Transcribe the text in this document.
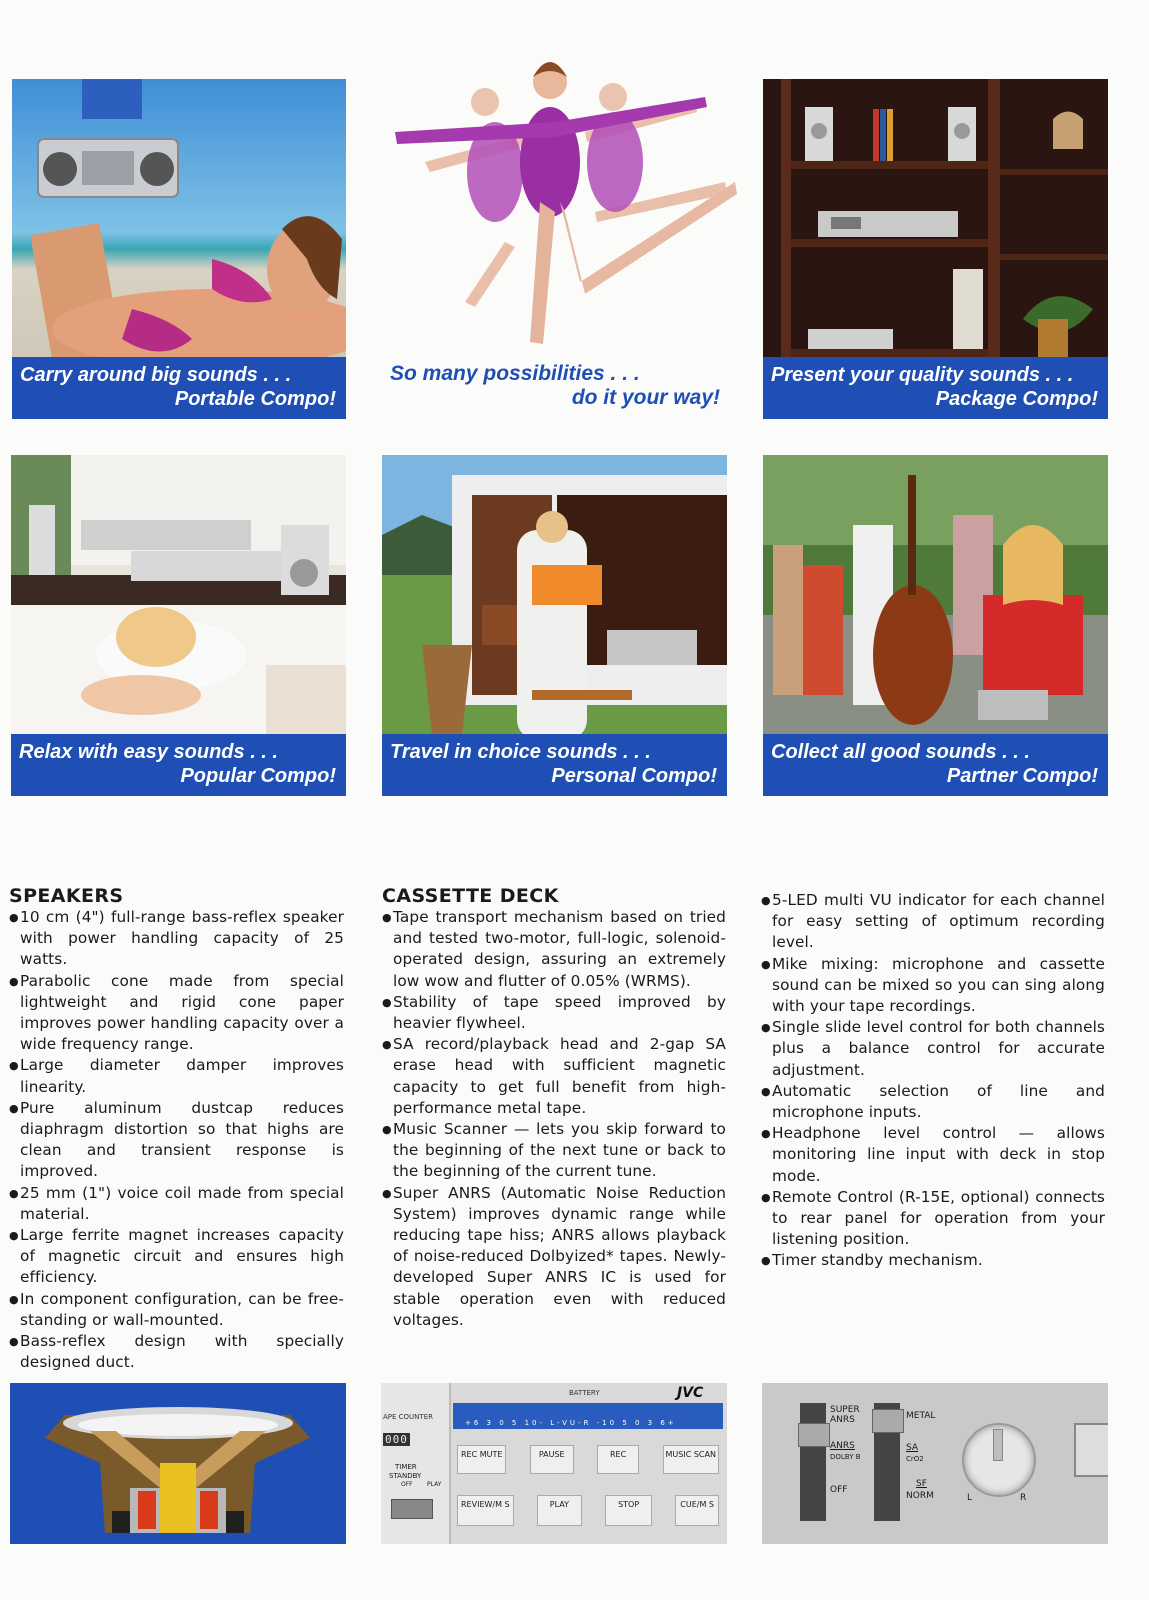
Carry around big sounds . . .
Portable Compo!
So many possibilities . . .
do it your way!
Present your quality sounds . . .
Package Compo!
Relax with easy sounds . . .
Popular Compo!
Travel in choice sounds . . .
Personal Compo!
Collect all good sounds . . .
Partner Compo!
SPEAKERS
● 10 cm (4") full-range bass-reflex speaker with power handling capacity of 25 watts.
● Parabolic cone made from special lightweight and rigid cone paper improves power handling capacity over a wide frequency range.
● Large diameter damper improves linearity.
● Pure aluminum dustcap reduces diaphragm distortion so that highs are clean and transient response is improved.
● 25 mm (1") voice coil made from special material.
● Large ferrite magnet increases capacity of magnetic circuit and ensures high efficiency.
● In component configuration, can be free-standing or wall-mounted.
● Bass-reflex design with specially designed duct.
CASSETTE DECK
● Tape transport mechanism based on tried and tested two-motor, full-logic, solenoid-operated design, assuring an extremely low wow and flutter of 0.05% (WRMS).
● Stability of tape speed improved by heavier flywheel.
● SA record/playback head and 2-gap SA erase head with sufficient magnetic capacity to get full benefit from high-performance metal tape.
● Music Scanner — lets you skip forward to the beginning of the next tune or back to the beginning of the current tune.
● Super ANRS (Automatic Noise Reduction System) improves dynamic range while reducing tape hiss; ANRS allows playback of noise-reduced Dolbyized* tapes. Newly-developed Super ANRS IC is used for stable operation even with reduced voltages.
● 5-LED multi VU indicator for each channel for easy setting of optimum recording level.
● Mike mixing: microphone and cassette sound can be mixed so you can sing along with your tape recordings.
● Single slide level control for both channels plus a balance control for accurate adjustment.
● Automatic selection of line and microphone inputs.
● Headphone level control — allows monitoring line input with deck in stop mode.
● Remote Control (R-15E, optional) connects to rear panel for operation from your listening position.
● Timer standby mechanism.
BATTERY	JVC
+6 3 0 5 10- L-VU-R -10 5 0 3 6+
APE COUNTER
000
TIMER
STANDBY
OFF PLAY
REC MUTE	PAUSE	REC	MUSIC SCAN
REVIEW/M S	PLAY	STOP	CUE/M S
SUPER ANRS
ANRS
DOLBY B
OFF
METAL
SA
CrO2
SF
NORM	L	R
